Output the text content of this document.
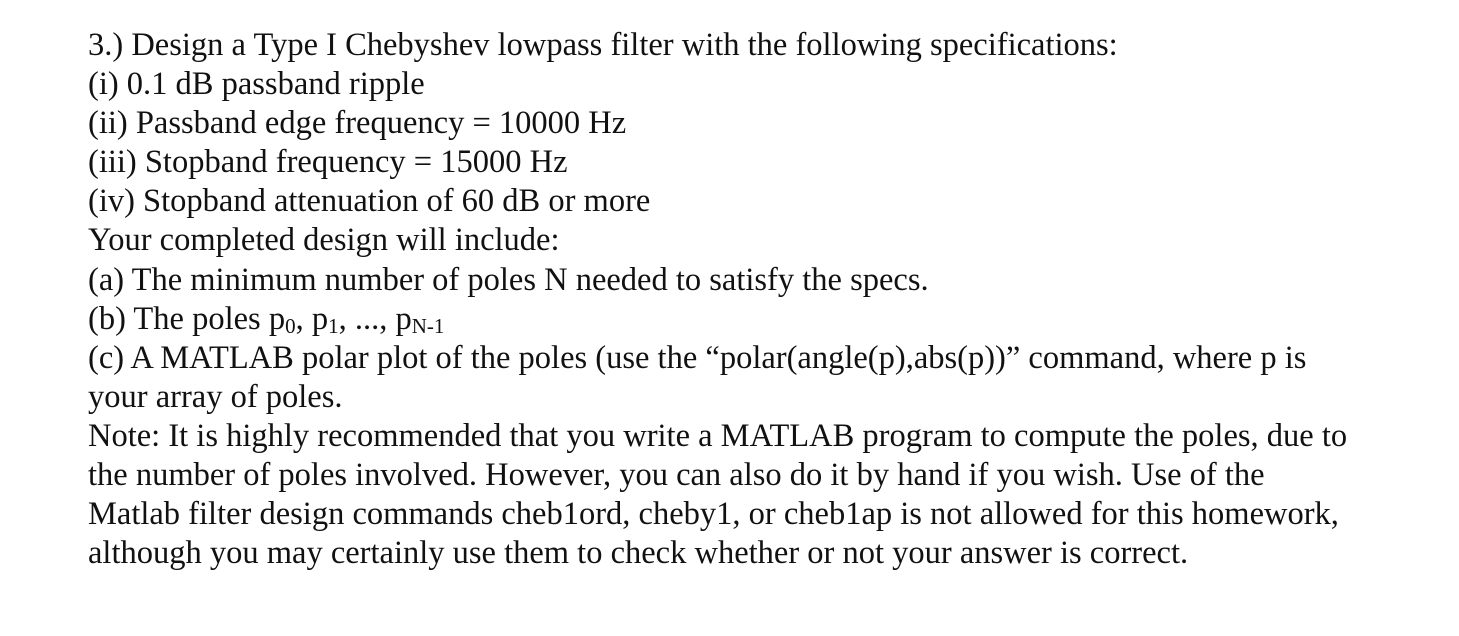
3.) Design a Type I Chebyshev lowpass filter with the following specifications:
(i) 0.1 dB passband ripple
(ii) Passband edge frequency = 10000 Hz
(iii) Stopband frequency = 15000 Hz
(iv) Stopband attenuation of 60 dB or more
Your completed design will include:
(a) The minimum number of poles N needed to satisfy the specs.
(b) The poles p0, p1, ..., pN-1
(c) A MATLAB polar plot of the poles (use the “polar(angle(p),abs(p))” command, where p is
your array of poles.
Note: It is highly recommended that you write a MATLAB program to compute the poles, due to
the number of poles involved. However, you can also do it by hand if you wish. Use of the
Matlab filter design commands cheb1ord, cheby1, or cheb1ap is not allowed for this homework,
although you may certainly use them to check whether or not your answer is correct.
